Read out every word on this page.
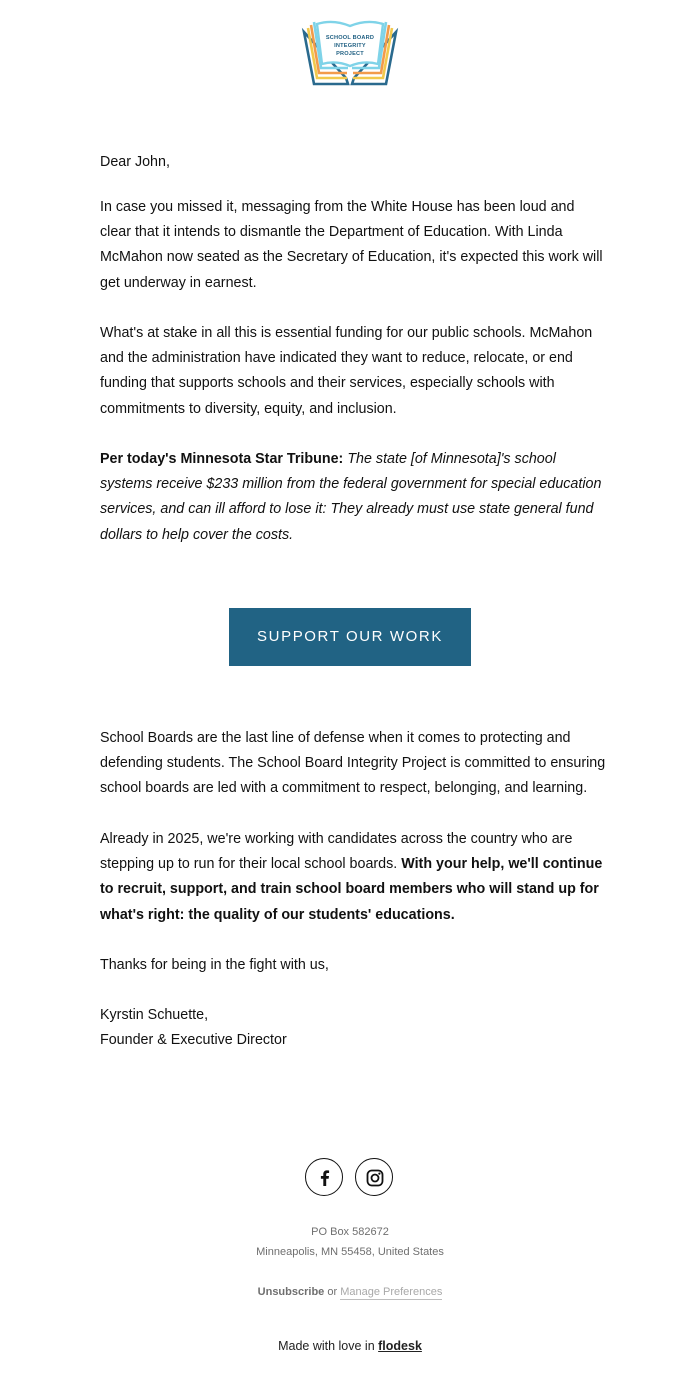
SCHOOL BOARD
INTEGRITY
PROJECT

Dear John,

In case you missed it, messaging from the White House has been loud and clear that it intends to dismantle the Department of Education. With Linda McMahon now seated as the Secretary of Education, it's expected this work will get underway in earnest.

What's at stake in all this is essential funding for our public schools. McMahon and the administration have indicated they want to reduce, relocate, or end funding that supports schools and their services, especially schools with commitments to diversity, equity, and inclusion.

Per today's Minnesota Star Tribune: The state [of Minnesota]'s school systems receive $233 million from the federal government for special education services, and can ill afford to lose it: They already must use state general fund dollars to help cover the costs.

School Boards are the last line of defense when it comes to protecting and defending students. The School Board Integrity Project is committed to ensuring school boards are led with a commitment to respect, belonging, and learning.

Already in 2025, we're working with candidates across the country who are stepping up to run for their local school boards. With your help, we'll continue to recruit, support, and train school board members who will stand up for what's right: the quality of our students' educations.

Thanks for being in the fight with us,

Kyrstin Schuette,

Founder & Executive Director

SUPPORT OUR WORK
PO Box 582672
Minneapolis, MN 55458, United States
Unsubscribe or Manage Preferences
Made with love in flodesk
